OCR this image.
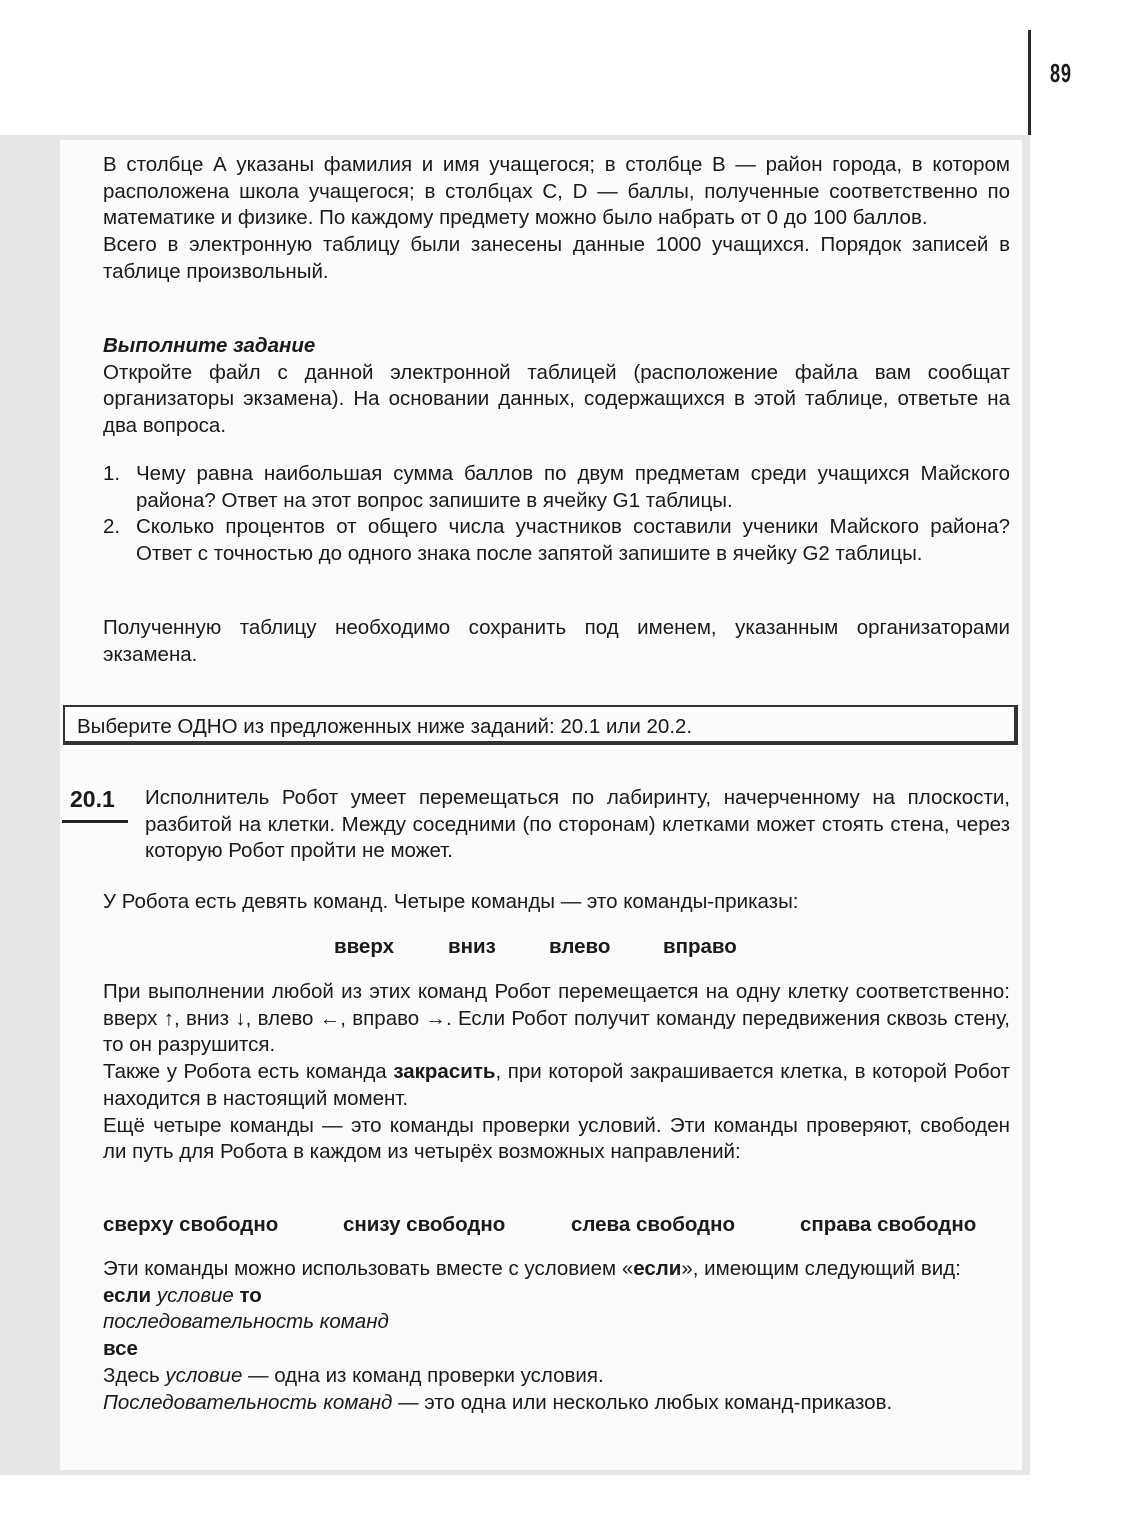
89

В столбце А указаны фамилия и имя учащегося; в столбце В — район города, в котором расположена школа учащегося; в столбцах С, D — баллы, полученные соответственно по математике и физике. По каждому предмету можно было набрать от 0 до 100 баллов.

Всего в электронную таблицу были занесены данные 1000 учащихся. Порядок записей в таблице произвольный.

Выполните задание

Откройте файл с данной электронной таблицей (расположение файла вам сообщат организаторы экзамена). На основании данных, содержащихся в этой таблице, ответьте на два вопроса.

1. Чему равна наибольшая сумма баллов по двум предметам среди учащихся Майского района? Ответ на этот вопрос запишите в ячейку G1 таблицы.
2. Сколько процентов от общего числа участников составили ученики Майского района? Ответ с точностью до одного знака после запятой запишите в ячейку G2 таблицы.

Полученную таблицу необходимо сохранить под именем, указанным организаторами экзамена.

Выберите ОДНО из предложенных ниже заданий: 20.1 или 20.2.
20.1 Исполнитель Робот умеет перемещаться по лабиринту, начерченному на плоскости, разбитой на клетки. Между соседними (по сторонам) клетками может стоять стена, через которую Робот пройти не может.

У Робота есть девять команд. Четыре команды — это команды-приказы:

вверх	вниз	влево	вправо

При выполнении любой из этих команд Робот перемещается на одну клетку соответственно: вверх ↑, вниз ↓, влево ←, вправо →. Если Робот получит команду передвижения сквозь стену, то он разрушится.

Также у Робота есть команда закрасить, при которой закрашивается клетка, в которой Робот находится в настоящий момент.

Ещё четыре команды — это команды проверки условий. Эти команды проверяют, свободен ли путь для Робота в каждом из четырёх возможных направлений:

сверху свободно	снизу свободно	слева свободно	справа свободно

Эти команды можно использовать вместе с условием «если», имеющим следующий вид:

если условие то

последовательность команд

все

Здесь условие — одна из команд проверки условия.

Последовательность команд — это одна или несколько любых команд-приказов.
